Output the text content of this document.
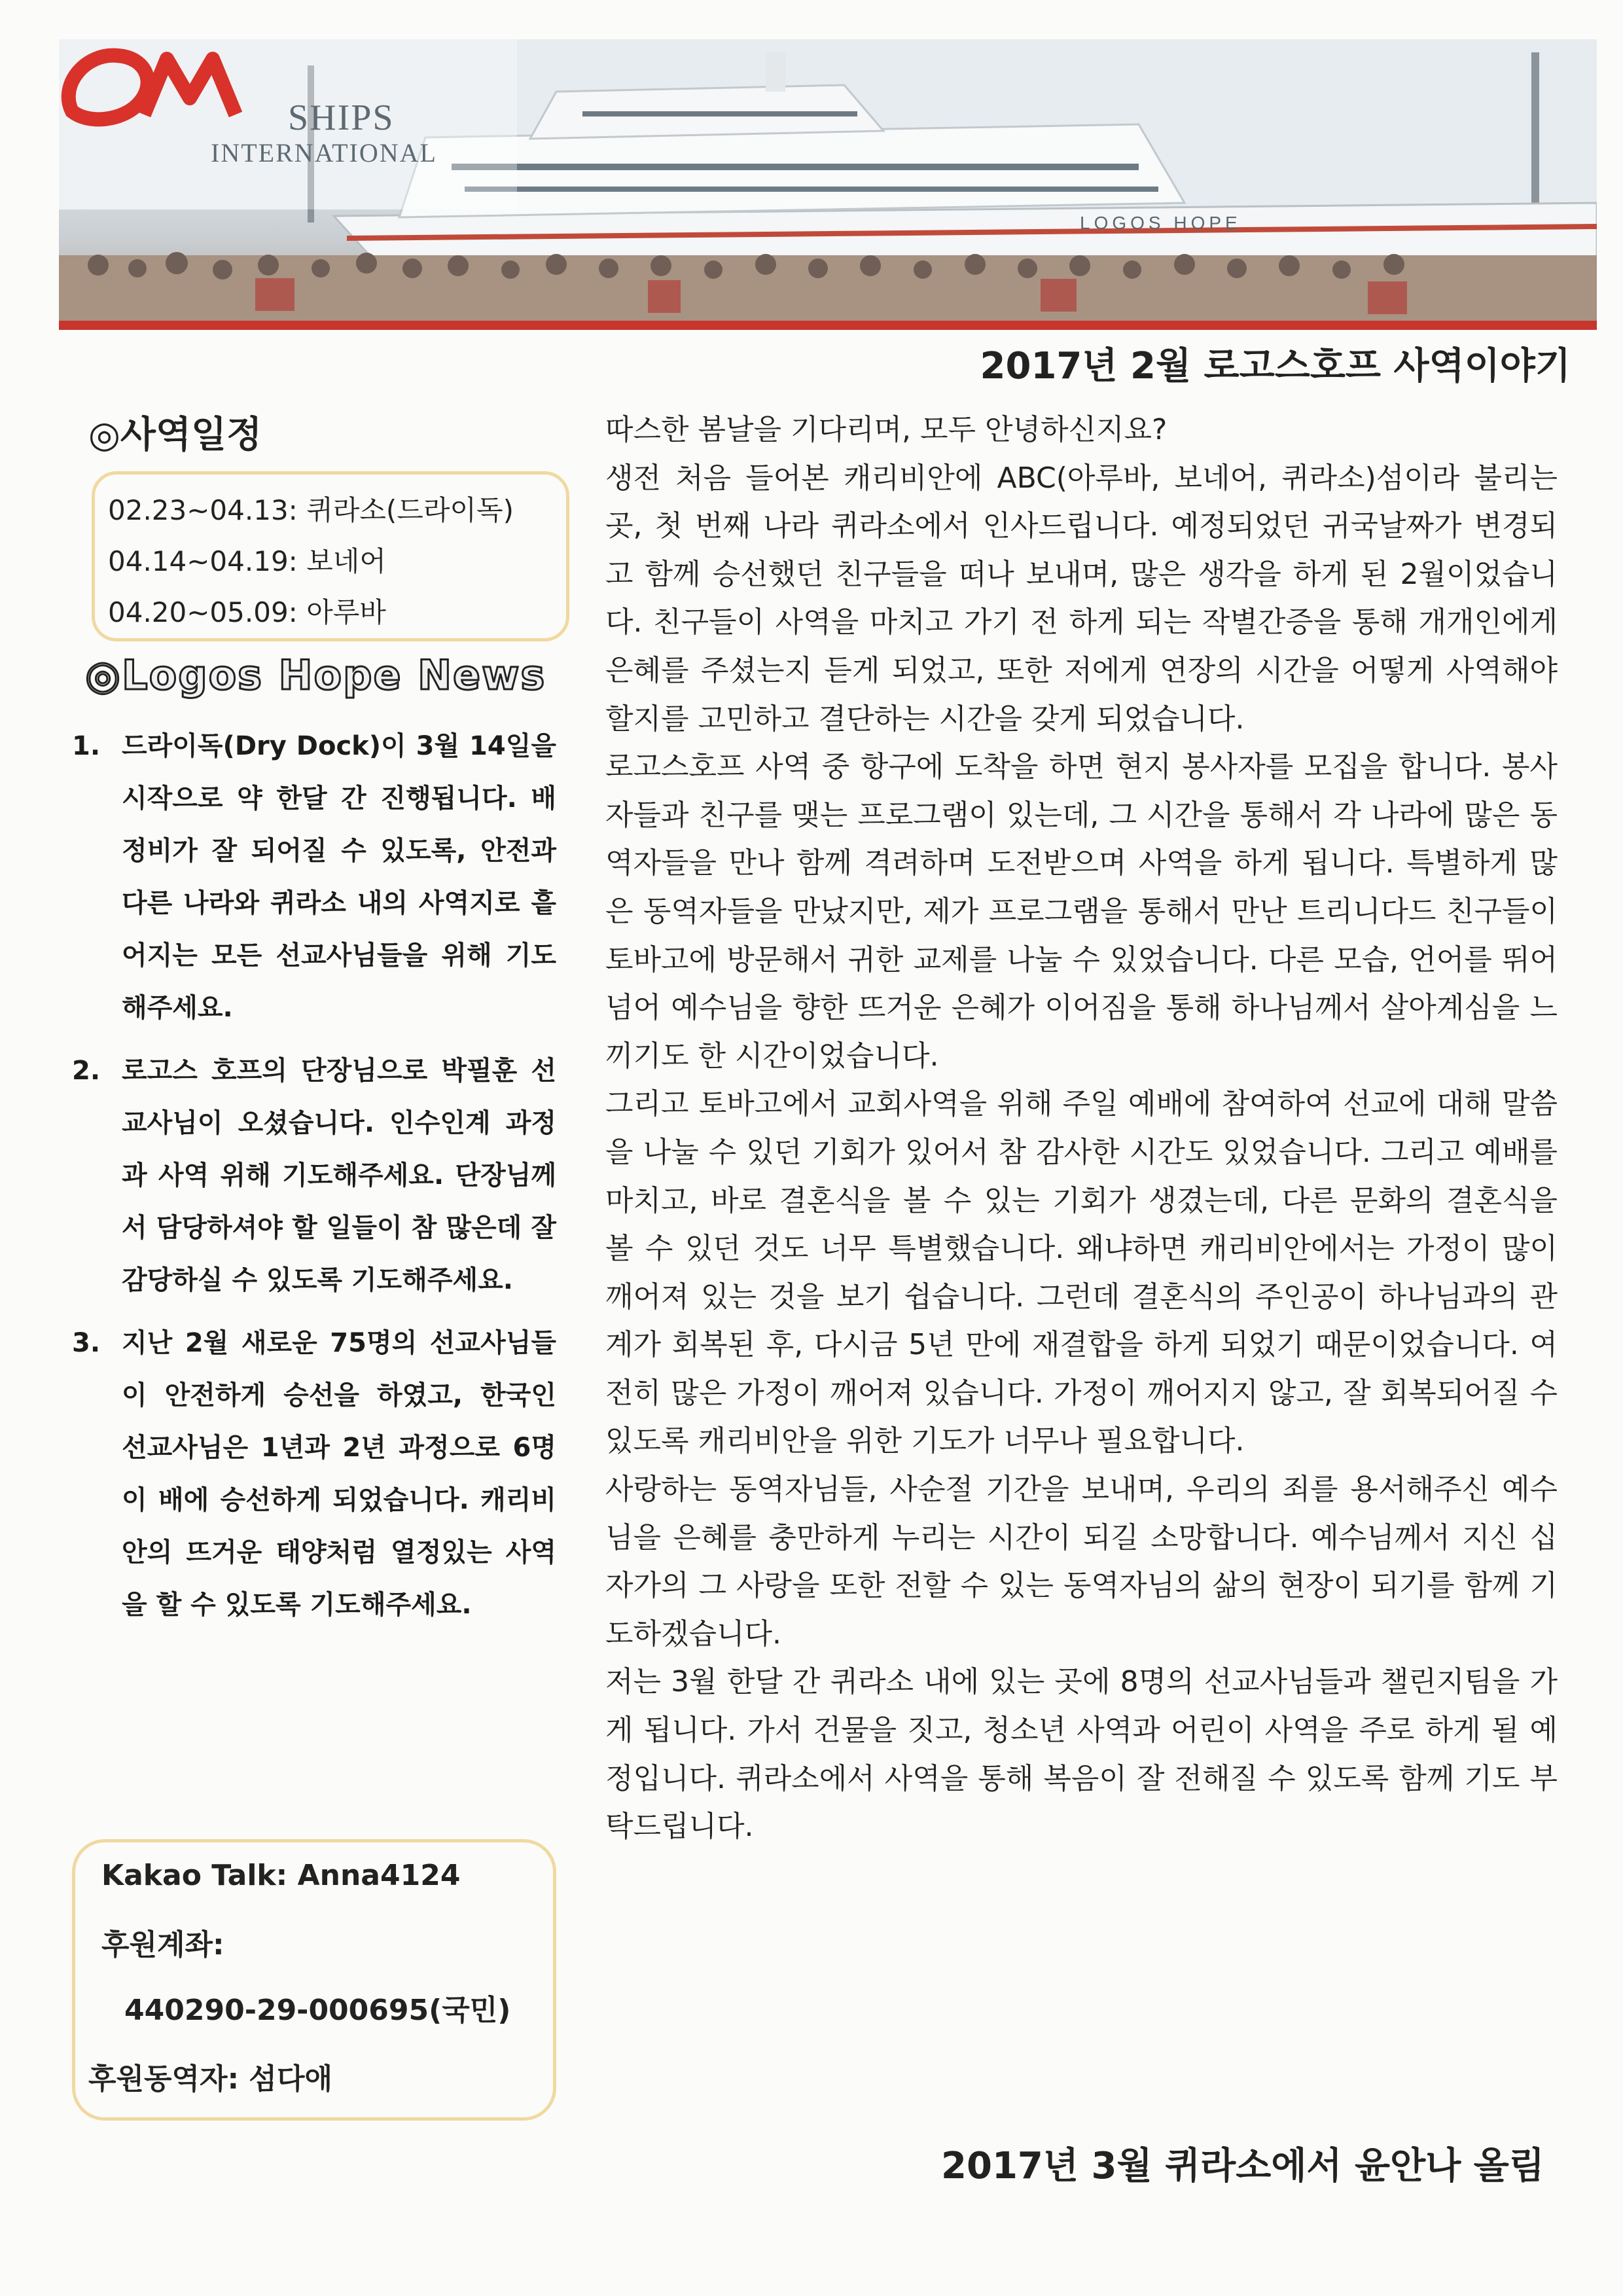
LOGOS HOPE
SHIPS
INTERNATIONAL
2017년 2월 로고스호프 사역이야기
◎사역일정
02.23~04.13: 퀴라소(드라이독)
04.14~04.19: 보네어
04.20~05.09: 아루바
◎Logos Hope News
1. 드라이독(Dry Dock)이 3월 14일을 시작으로 약 한달 간 진행됩니다. 배 정비가 잘 되어질 수 있도록, 안전과 다른 나라와 퀴라소 내의 사역지로 흩어지는 모든 선교사님들을 위해 기도해주세요.
2. 로고스 호프의 단장님으로 박필훈 선교사님이 오셨습니다. 인수인계 과정과 사역 위해 기도해주세요. 단장님께서 담당하셔야 할 일들이 참 많은데 잘 감당하실 수 있도록 기도해주세요.
3. 지난 2월 새로운 75명의 선교사님들이 안전하게 승선을 하였고, 한국인 선교사님은 1년과 2년 과정으로 6명이 배에 승선하게 되었습니다. 캐리비안의 뜨거운 태양처럼 열정있는 사역을 할 수 있도록 기도해주세요.
Kakao Talk: Anna4124
후원계좌:
440290-29-000695(국민)
후원동역자: 섬다애

따스한 봄날을 기다리며, 모두 안녕하신지요?

생전 처음 들어본 캐리비안에 ABC(아루바, 보네어, 퀴라소)섬이라 불리는 곳, 첫 번째 나라 퀴라소에서 인사드립니다. 예정되었던 귀국날짜가 변경되고 함께 승선했던 친구들을 떠나 보내며, 많은 생각을 하게 된 2월이었습니다. 친구들이 사역을 마치고 가기 전 하게 되는 작별간증을 통해 개개인에게 은혜를 주셨는지 듣게 되었고, 또한 저에게 연장의 시간을 어떻게 사역해야 할지를 고민하고 결단하는 시간을 갖게 되었습니다.

로고스호프 사역 중 항구에 도착을 하면 현지 봉사자를 모집을 합니다. 봉사자들과 친구를 맺는 프로그램이 있는데, 그 시간을 통해서 각 나라에 많은 동역자들을 만나 함께 격려하며 도전받으며 사역을 하게 됩니다. 특별하게 많은 동역자들을 만났지만, 제가 프로그램을 통해서 만난 트리니다드 친구들이 토바고에 방문해서 귀한 교제를 나눌 수 있었습니다. 다른 모습, 언어를 뛰어넘어 예수님을 향한 뜨거운 은혜가 이어짐을 통해 하나님께서 살아계심을 느끼기도 한 시간이었습니다.

그리고 토바고에서 교회사역을 위해 주일 예배에 참여하여 선교에 대해 말씀을 나눌 수 있던 기회가 있어서 참 감사한 시간도 있었습니다. 그리고 예배를 마치고, 바로 결혼식을 볼 수 있는 기회가 생겼는데, 다른 문화의 결혼식을 볼 수 있던 것도 너무 특별했습니다. 왜냐하면 캐리비안에서는 가정이 많이 깨어져 있는 것을 보기 쉽습니다. 그런데 결혼식의 주인공이 하나님과의 관계가 회복된 후, 다시금 5년 만에 재결합을 하게 되었기 때문이었습니다. 여전히 많은 가정이 깨어져 있습니다. 가정이 깨어지지 않고, 잘 회복되어질 수 있도록 캐리비안을 위한 기도가 너무나 필요합니다.

사랑하는 동역자님들, 사순절 기간을 보내며, 우리의 죄를 용서해주신 예수님을 은혜를 충만하게 누리는 시간이 되길 소망합니다. 예수님께서 지신 십자가의 그 사랑을 또한 전할 수 있는 동역자님의 삶의 현장이 되기를 함께 기도하겠습니다.

저는 3월 한달 간 퀴라소 내에 있는 곳에 8명의 선교사님들과 챌린지팀을 가게 됩니다. 가서 건물을 짓고, 청소년 사역과 어린이 사역을 주로 하게 될 예정입니다. 퀴라소에서 사역을 통해 복음이 잘 전해질 수 있도록 함께 기도 부탁드립니다.

2017년 3월 퀴라소에서 윤안나 올림
